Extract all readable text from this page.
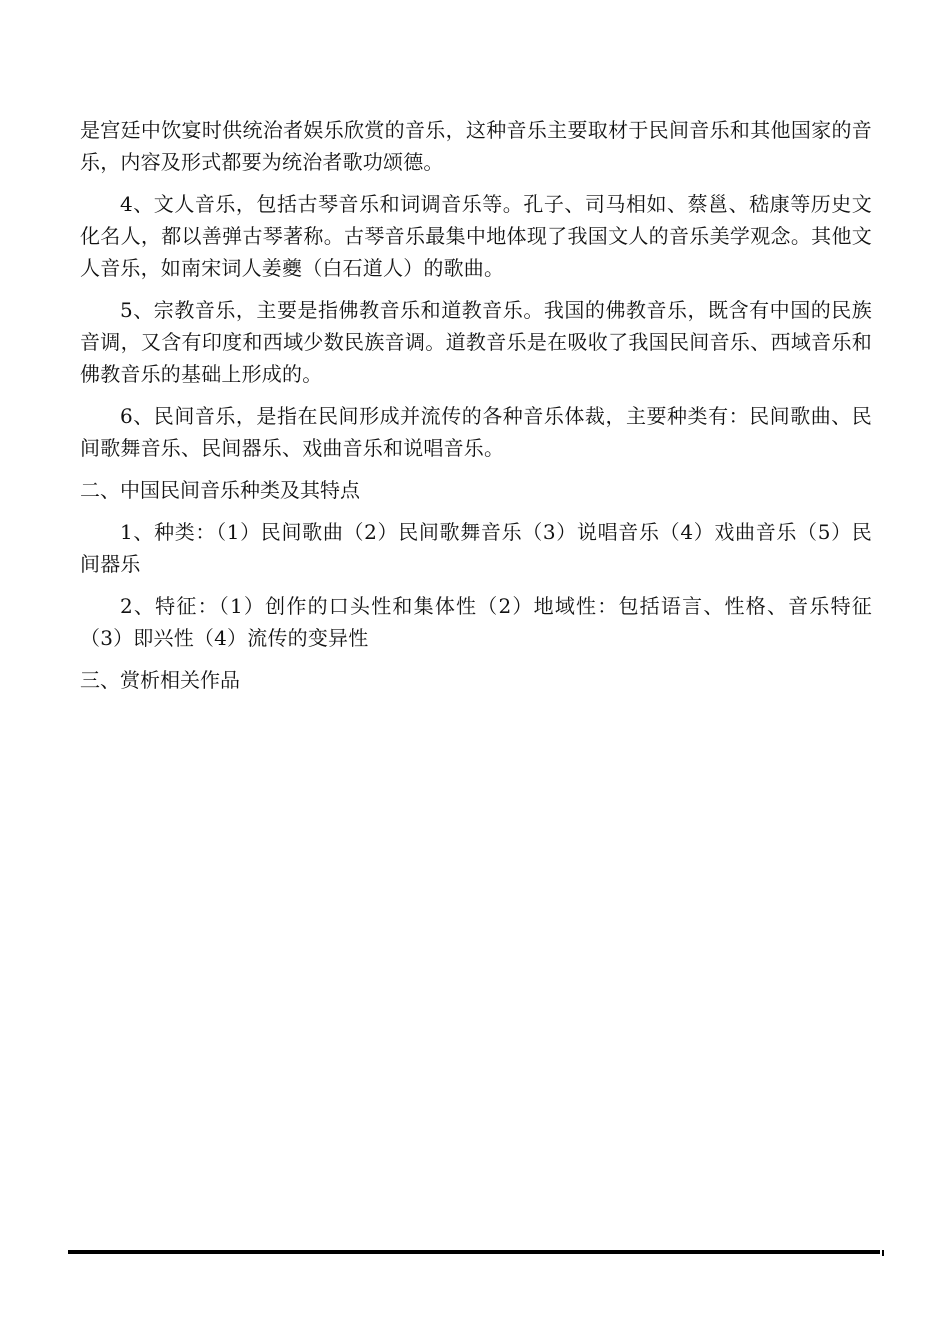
是宫廷中饮宴时供统治者娱乐欣赏的音乐，这种音乐主要取材于民间音乐和其他国家的音乐，内容及形式都要为统治者歌功颂德。

4、文人音乐，包括古琴音乐和词调音乐等。孔子、司马相如、蔡邕、嵇康等历史文化名人，都以善弹古琴著称。古琴音乐最集中地体现了我国文人的音乐美学观念。其他文人音乐，如南宋词人姜夔（白石道人）的歌曲。

5、宗教音乐，主要是指佛教音乐和道教音乐。我国的佛教音乐，既含有中国的民族音调，又含有印度和西域少数民族音调。道教音乐是在吸收了我国民间音乐、西域音乐和佛教音乐的基础上形成的。

6、民间音乐，是指在民间形成并流传的各种音乐体裁，主要种类有：民间歌曲、民间歌舞音乐、民间器乐、戏曲音乐和说唱音乐。

二、中国民间音乐种类及其特点

1、种类：（1）民间歌曲（2）民间歌舞音乐（3）说唱音乐（4）戏曲音乐（5）民间器乐

2、特征：（1）创作的口头性和集体性（2）地域性：包括语言、性格、音乐特征（3）即兴性（4）流传的变异性

三、赏析相关作品
